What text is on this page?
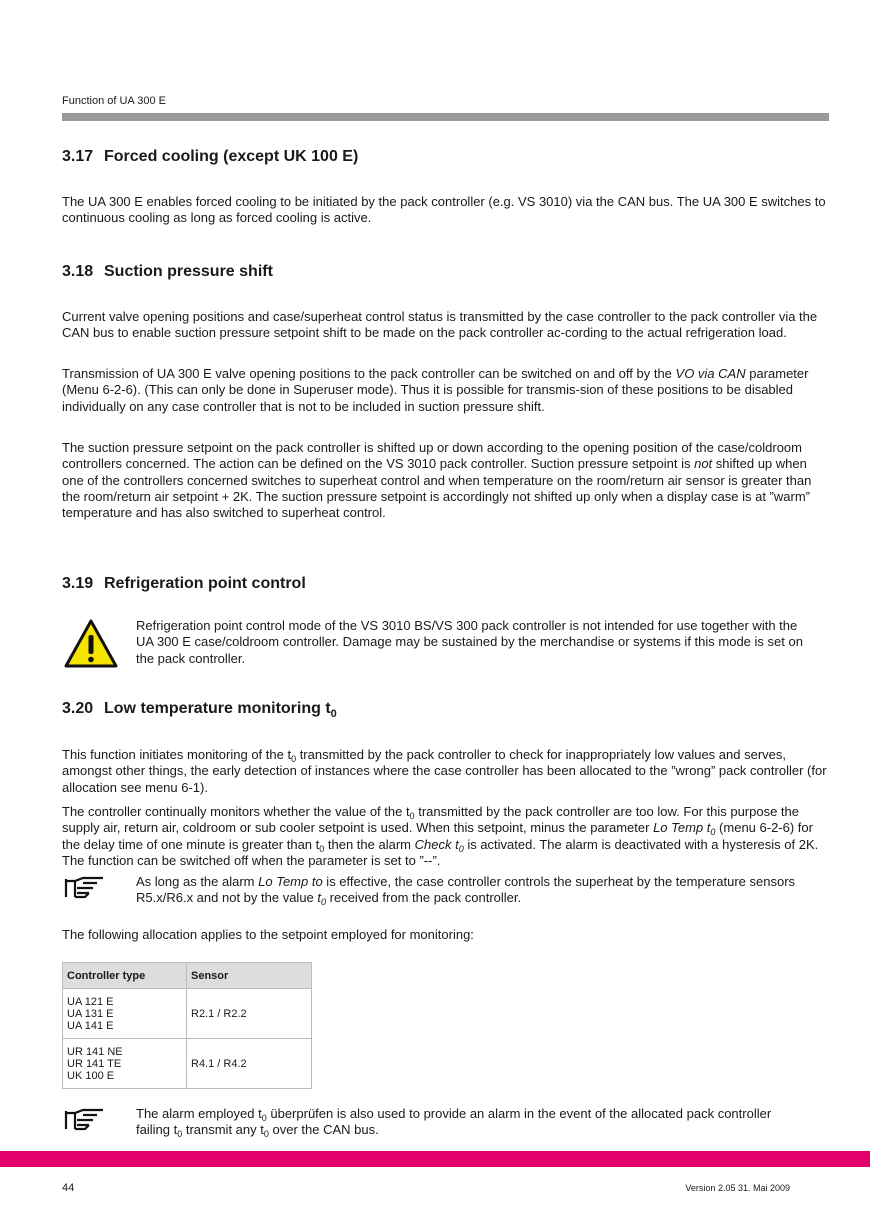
Function of UA 300 E
3.17 Forced cooling (except UK 100 E)
The UA 300 E enables forced cooling to be initiated by the pack controller (e.g. VS 3010) via the CAN bus. The UA 300 E switches to continuous cooling as long as forced cooling is active.
3.18 Suction pressure shift
Current valve opening positions and case/superheat control status is transmitted by the case controller to the pack controller via the CAN bus to enable suction pressure setpoint shift to be made on the pack controller ac-cording to the actual refrigeration load.
Transmission of UA 300 E valve opening positions to the pack controller can be switched on and off by the VO via CAN parameter (Menu 6-2-6). (This can only be done in Superuser mode). Thus it is possible for transmis-sion of these positions to be disabled individually on any case controller that is not to be included in suction pressure shift.
The suction pressure setpoint on the pack controller is shifted up or down according to the opening position of the case/coldroom controllers concerned. The action can be defined on the VS 3010 pack controller. Suction pressure setpoint is not shifted up when one of the controllers concerned switches to superheat control and when temperature on the room/return air sensor is greater than the room/return air setpoint + 2K. The suction pressure setpoint is accordingly not shifted up only when a display case is at ”warm” temperature and has also switched to superheat control.
3.19 Refrigeration point control
Refrigeration point control mode of the VS 3010 BS/VS 300 pack controller is not intended for use together with the UA 300 E case/coldroom controller. Damage may be sustained by the merchandise or systems if this mode is set on the pack controller.
3.20 Low temperature monitoring $t_0$
This function initiates monitoring of the $t_0$ transmitted by the pack controller to check for inappropriately low values and serves, amongst other things, the early detection of instances where the case controller has been allocated to the ”wrong” pack controller (for allocation see menu 6-1).
The controller continually monitors whether the value of the $t_0$ transmitted by the pack controller are too low. For this purpose the supply air, return air, coldroom or sub cooler setpoint is used. When this setpoint, minus the parameter Lo Temp $t_0$ (menu 6-2-6) for the delay time of one minute is greater than $t_0$ then the alarm Check $t_0$ is activated. The alarm is deactivated with a hysteresis of 2K. The function can be switched off when the parameter is set to ”--”.
As long as the alarm Lo Temp to is effective, the case controller controls the superheat by the temperature sensors R5.x/R6.x and not by the value $t_0$ received from the pack controller.
The following allocation applies to the setpoint employed for monitoring:
Controller type	Sensor
UA 121 E
UA 131 E
UA 141 E	R2.1 / R2.2
UR 141 NE
UR 141 TE
UK 100 E	R4.1 / R4.2
The alarm employed $t_0$ überprüfen is also used to provide an alarm in the event of the allocated pack controller failing $t_0$ transmit any $t_0$ over the CAN bus.
44	Version 2.05 31. Mai 2009
